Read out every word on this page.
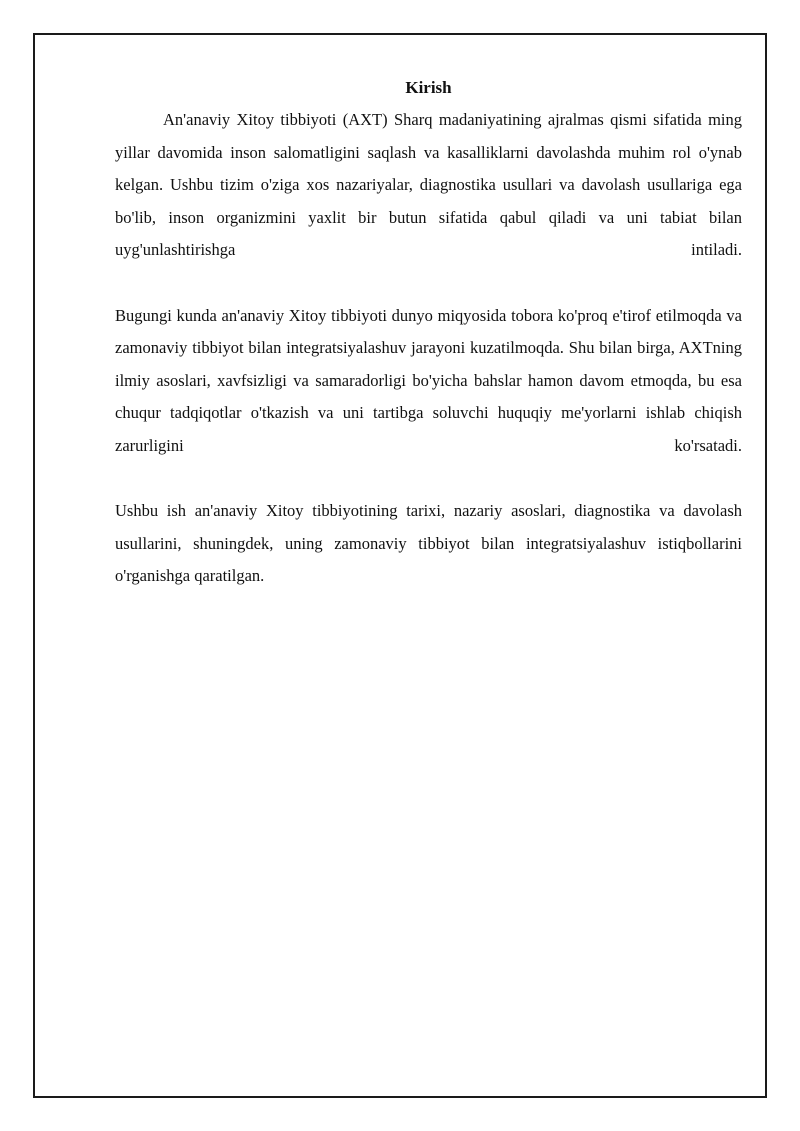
Kirish

An'anaviy Xitoy tibbiyoti (AXT) Sharq madaniyatining ajralmas qismi sifatida ming yillar davomida inson salomatligini saqlash va kasalliklarni davolashda muhim rol o'ynab kelgan. Ushbu tizim o'ziga xos nazariyalar, diagnostika usullari va davolash usullariga ega bo'lib, inson organizmini yaxlit bir butun sifatida qabul qiladi va uni tabiat bilan uyg'unlashtirishga intiladi.

Bugungi kunda an'anaviy Xitoy tibbiyoti dunyo miqyosida tobora ko'proq e'tirof etilmoqda va zamonaviy tibbiyot bilan integratsiyalashuv jarayoni kuzatilmoqda. Shu bilan birga, AXTning ilmiy asoslari, xavfsizligi va samaradorligi bo'yicha bahslar hamon davom etmoqda, bu esa chuqur tadqiqotlar o'tkazish va uni tartibga soluvchi huquqiy me'yorlarni ishlab chiqish zarurligini ko'rsatadi.

Ushbu ish an'anaviy Xitoy tibbiyotining tarixi, nazariy asoslari, diagnostika va davolash usullarini, shuningdek, uning zamonaviy tibbiyot bilan integratsiyalashuv istiqbollarini o'rganishga qaratilgan.
